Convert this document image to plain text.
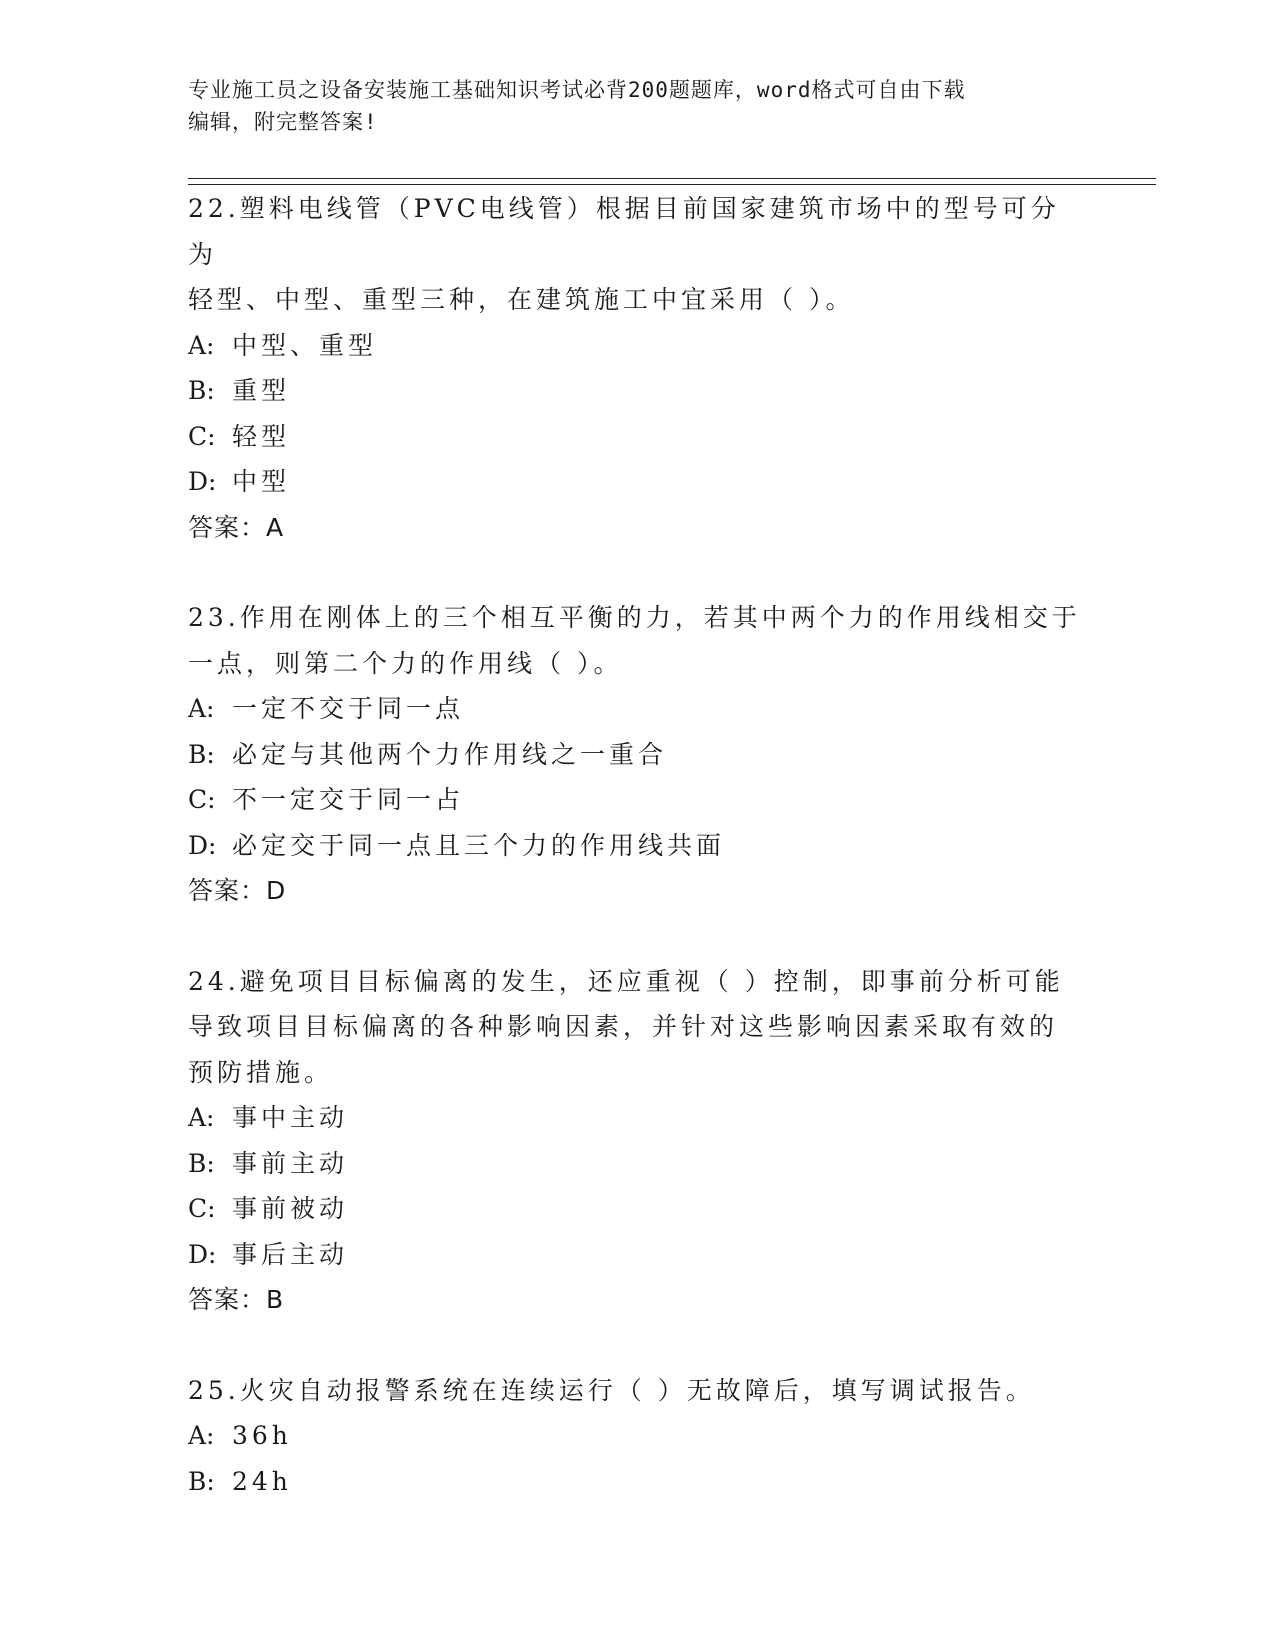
专业施工员之设备安装施工基础知识考试必背200题题库，word格式可自由下载
编辑，附完整答案!

22.塑料电线管（PVC电线管）根据目前国家建筑市场中的型号可分为

轻型、中型、重型三种，在建筑施工中宜采用（ ）。

A: 中型、重型

B: 重型

C: 轻型

D: 中型

答案：A

23.作用在刚体上的三个相互平衡的力，若其中两个力的作用线相交于

一点，则第二个力的作用线（ ）。

A: 一定不交于同一点

B: 必定与其他两个力作用线之一重合

C: 不一定交于同一占

D: 必定交于同一点且三个力的作用线共面

答案：D

24.避免项目目标偏离的发生，还应重视（ ）控制，即事前分析可能

导致项目目标偏离的各种影响因素，并针对这些影响因素采取有效的

预防措施。

A: 事中主动

B: 事前主动

C: 事前被动

D: 事后主动

答案：B

25.火灾自动报警系统在连续运行（ ）无故障后，填写调试报告。

A: 36h

B: 24h
